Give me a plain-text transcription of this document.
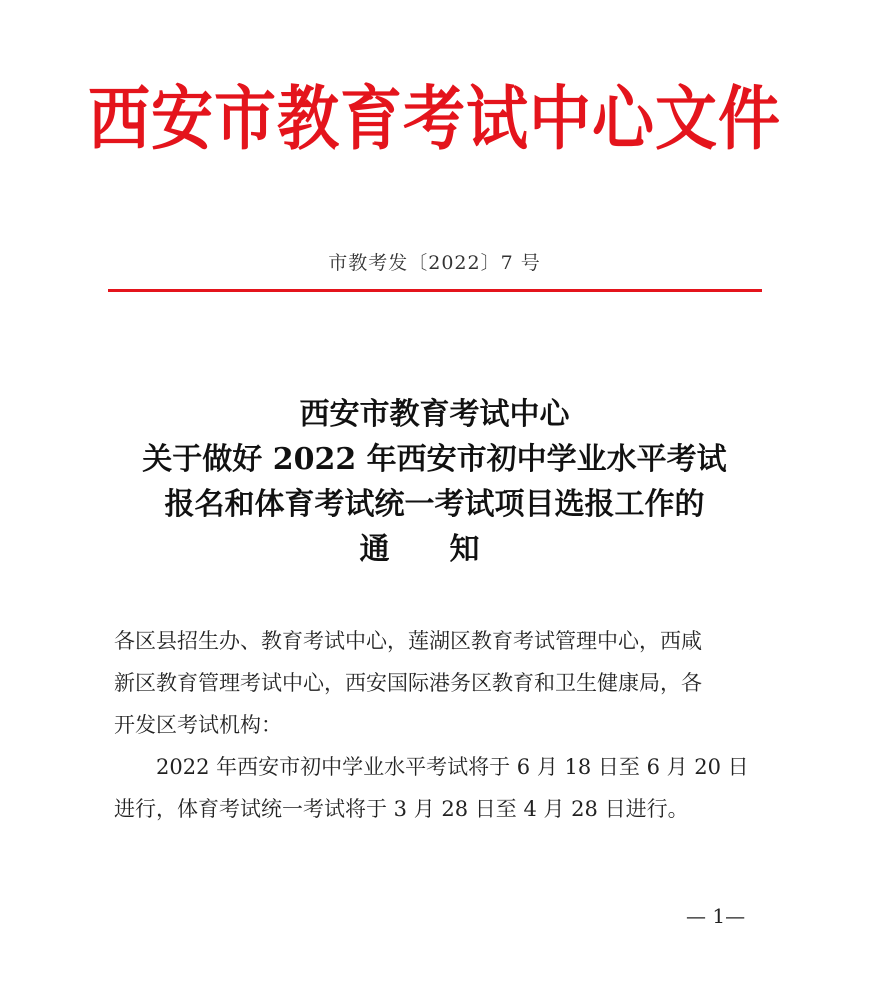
西安市教育考试中心文件
市教考发〔2022〕7 号
西安市教育考试中心
关于做好 2022 年西安市初中学业水平考试
报名和体育考试统一考试项目选报工作的
通知
各区县招生办、教育考试中心，莲湖区教育考试管理中心，西咸
新区教育管理考试中心，西安国际港务区教育和卫生健康局，各
开发区考试机构：
2022 年西安市初中学业水平考试将于 6 月 18 日至 6 月 20 日
进行，体育考试统一考试将于 3 月 28 日至 4 月 28 日进行。
— 1—
